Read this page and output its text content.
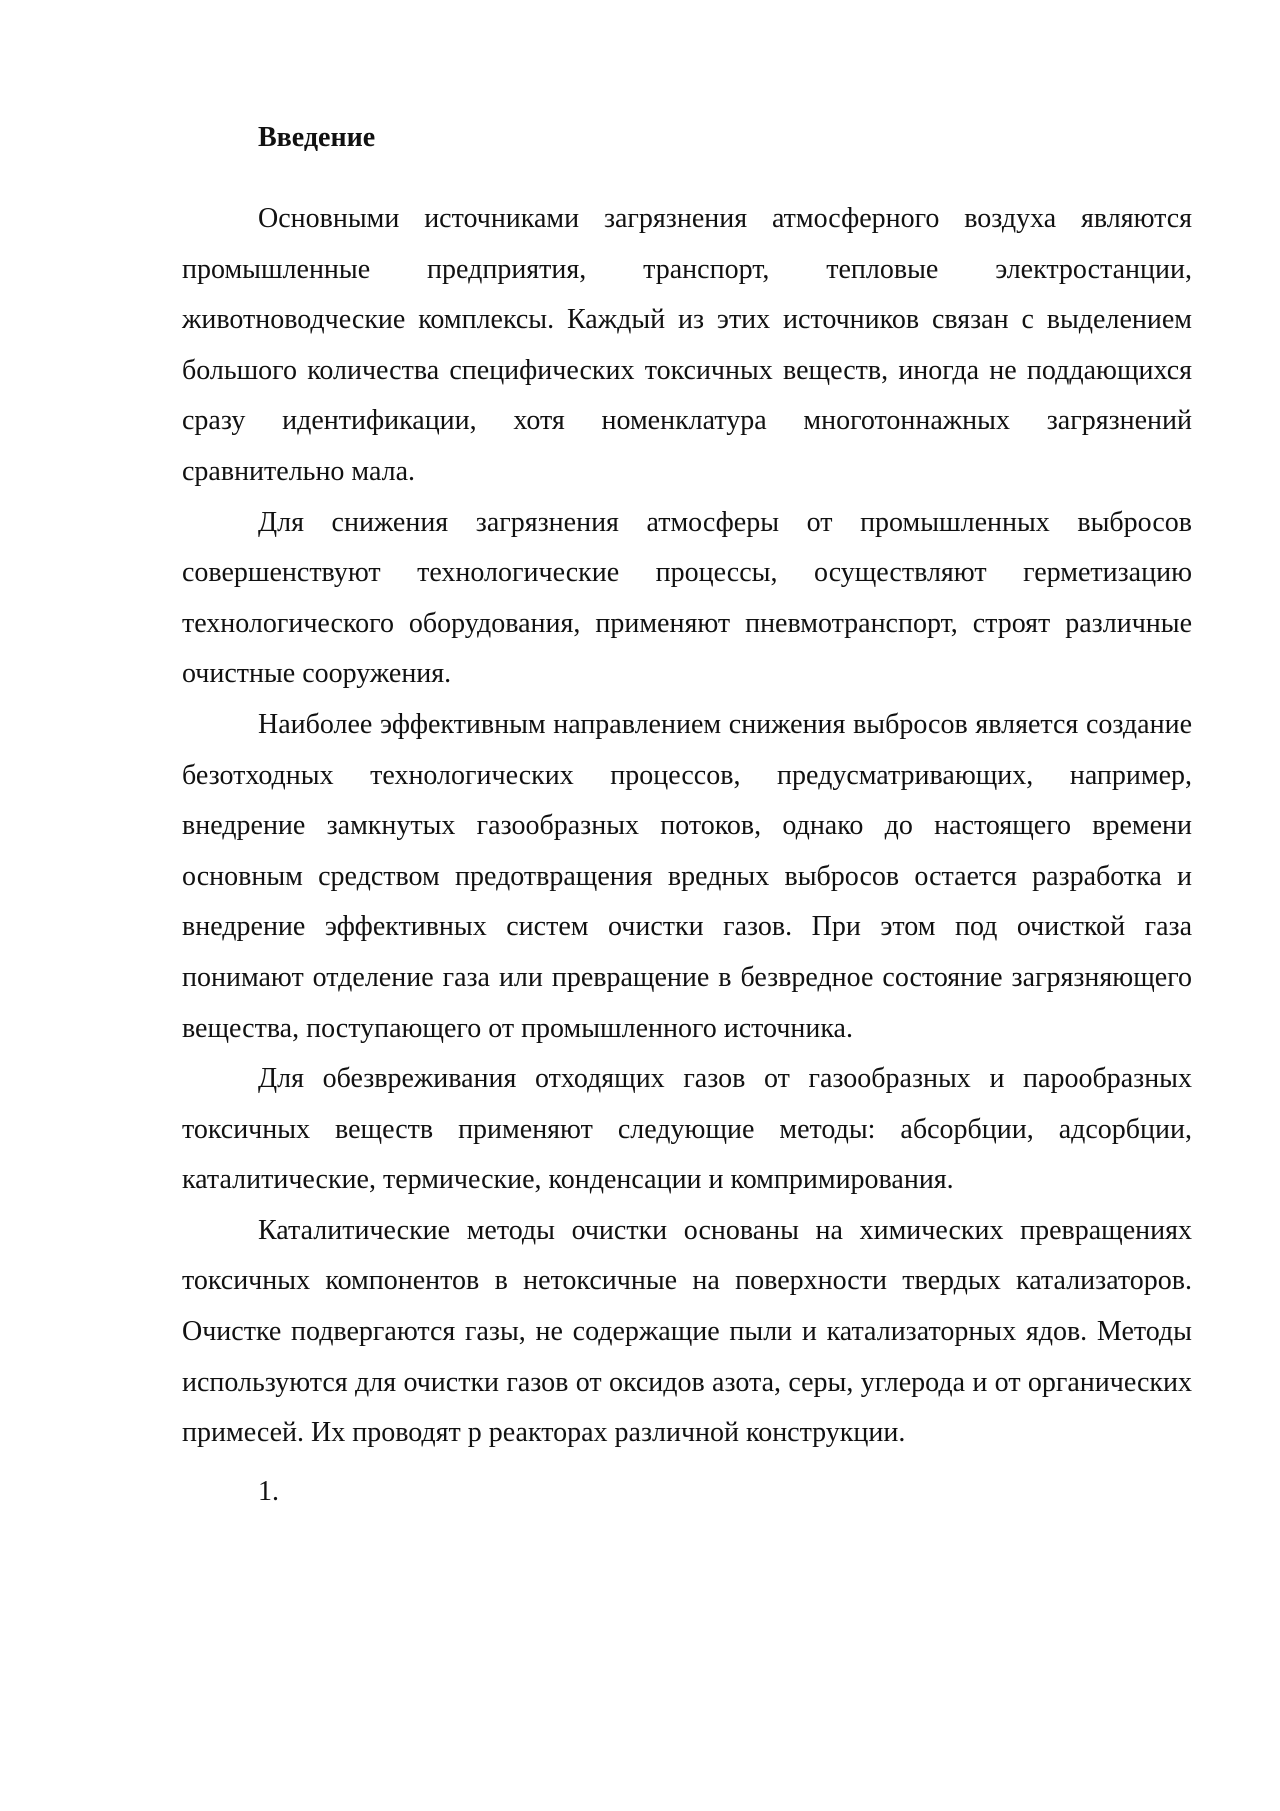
Введение

Основными источниками загрязнения атмосферного воздуха являются промышленные предприятия, транспорт, тепловые электростанции, животноводческие комплексы. Каждый из этих источников связан с выделением большого количества специфических токсичных веществ, иногда не поддающихся сразу идентификации, хотя номенклатура многотоннажных загрязнений сравнительно мала.

Для снижения загрязнения атмосферы от промышленных выбросов совершенствуют технологические процессы, осуществляют герметизацию технологического оборудования, применяют пневмотранспорт, строят различные очистные сооружения.

Наиболее эффективным направлением снижения выбросов является создание безотходных технологических процессов, предусматривающих, например, внедрение замкнутых газообразных потоков, однако до настоящего времени основным средством предотвращения вредных выбросов остается разработка и внедрение эффективных систем очистки газов. При этом под очисткой газа понимают отделение газа или превращение в безвредное состояние загрязняющего вещества, поступающего от промышленного источника.

Для обезвреживания отходящих газов от газообразных и парообразных токсичных веществ применяют следующие методы: абсорбции, адсорбции, каталитические, термические, конденсации и компримирования.

Каталитические методы очистки основаны на химических превращениях токсичных компонентов в нетоксичные на поверхности твердых катализаторов. Очистке подвергаются газы, не содержащие пыли и катализаторных ядов. Методы используются для очистки газов от оксидов азота, серы, углерода и от органических примесей. Их проводят р реакторах различной конструкции.

1.
